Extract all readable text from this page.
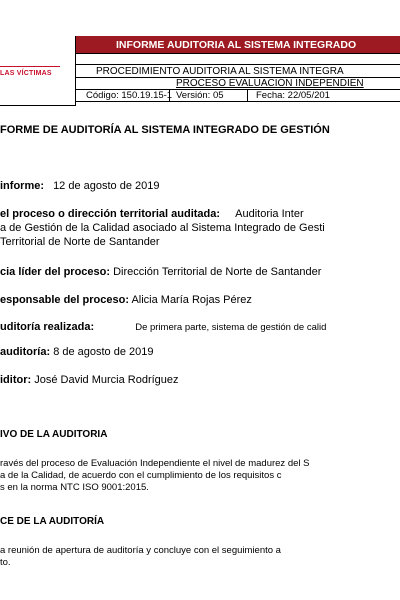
LAS VÍCTIMAS
INFORME AUDITORIA AL SISTEMA INTEGRADO
PROCEDIMIENTO AUDITORIA AL SISTEMA INTEGRA
PROCESO EVALUACIÓN INDEPENDIEN
Código: 150.19.15-1 Versión: 05	Fecha: 22/05/201
FORME DE AUDITORÍA AL SISTEMA INTEGRADO DE GESTIÓN
informe: 12 de agosto de 2019
el proceso o dirección territorial auditada: Auditoria Inter
a de Gestión de la Calidad asociado al Sistema Integrado de Gesti
Territorial de Norte de Santander
cia líder del proceso: Dirección Territorial de Norte de Santander
esponsable del proceso: Alicia María Rojas Pérez
uditoría realizada:	De primera parte, sistema de gestión de calid
auditoría: 8 de agosto de 2019
iditor: José David Murcia Rodríguez
IVO DE LA AUDITORIA
ravés del proceso de Evaluación Independiente el nivel de madurez del S
a de la Calidad, de acuerdo con el cumplimiento de los requisitos c
s en la norma NTC ISO 9001:2015.
CE DE LA AUDITORÍA
a reunión de apertura de auditoría y concluye con el seguimiento a
to.
